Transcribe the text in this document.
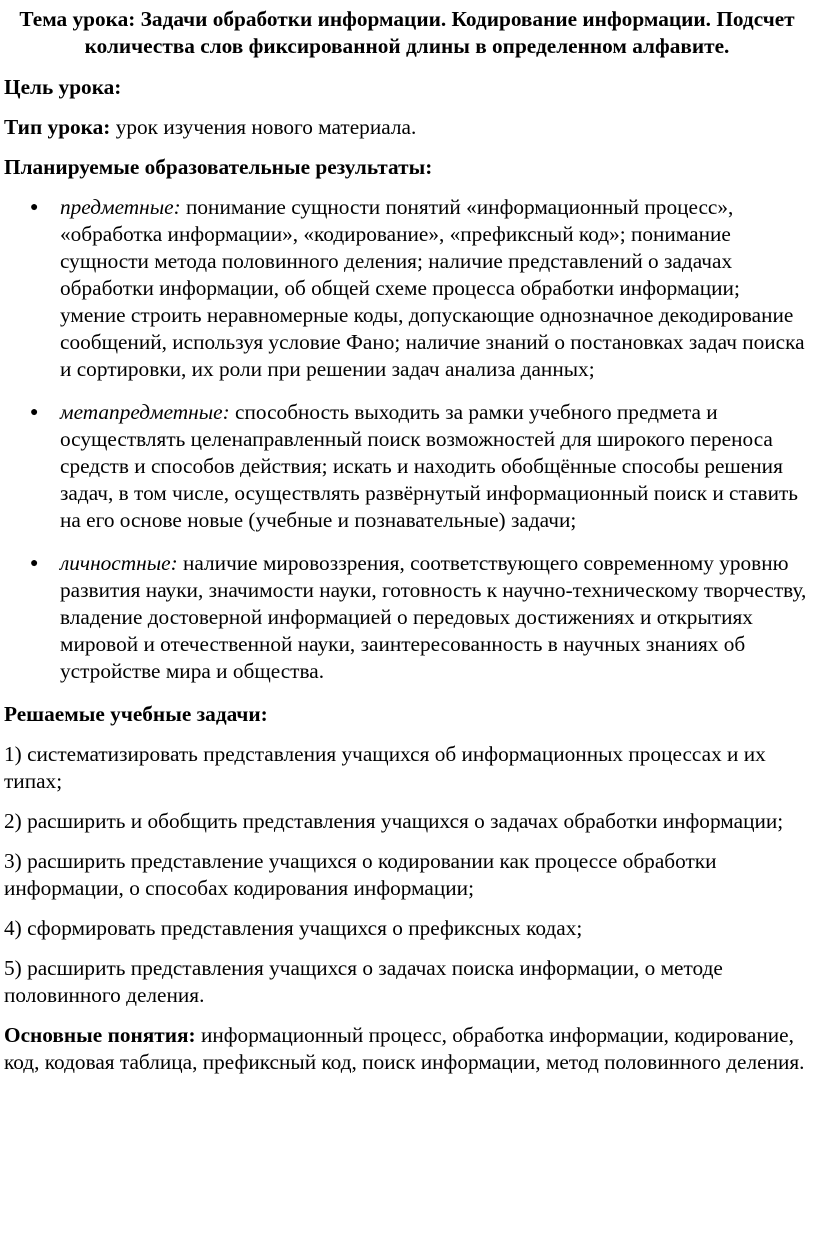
Тема урока: Задачи обработки информации. Кодирование информации. Подсчет количества слов фиксированной длины в определенном алфавите.

Цель урока:

Тип урока: урок изучения нового материала.

Планируемые образовательные результаты:

● предметные: понимание сущности понятий «информационный процесс», «обработка информации», «кодирование», «префиксный код»; понимание сущности метода половинного деления; наличие представлений о задачах обработки информации, об общей схеме процесса обработки информации; умение строить неравномерные коды, допускающие однозначное декодирование сообщений, используя условие Фано; наличие знаний о постановках задач поиска и сортировки, их роли при решении задач анализа данных;
● метапредметные: способность выходить за рамки учебного предмета и осуществлять целенаправленный поиск возможностей для широкого переноса средств и способов действия; искать и находить обобщённые способы решения задач, в том числе, осуществлять развёрнутый информационный поиск и ставить на его основе новые (учебные и познавательные) задачи;
● личностные: наличие мировоззрения, соответствующего современному уровню развития науки, значимости науки, готовность к научно-техническому творчеству, владение достоверной информацией о передовых достижениях и открытиях мировой и отечественной науки, заинтересованность в научных знаниях об устройстве мира и общества.

Решаемые учебные задачи:

1) систематизировать представления учащихся об информационных процессах и их типах;

2) расширить и обобщить представления учащихся о задачах обработки информации;

3) расширить представление учащихся о кодировании как процессе обработки информации, о способах кодирования информации;

4) сформировать представления учащихся о префиксных кодах;

5) расширить представления учащихся о задачах поиска информации, о методе половинного деления.

Основные понятия: информационный процесс, обработка информации, кодирование, код, кодовая таблица, префиксный код, поиск информации, метод половинного деления.
